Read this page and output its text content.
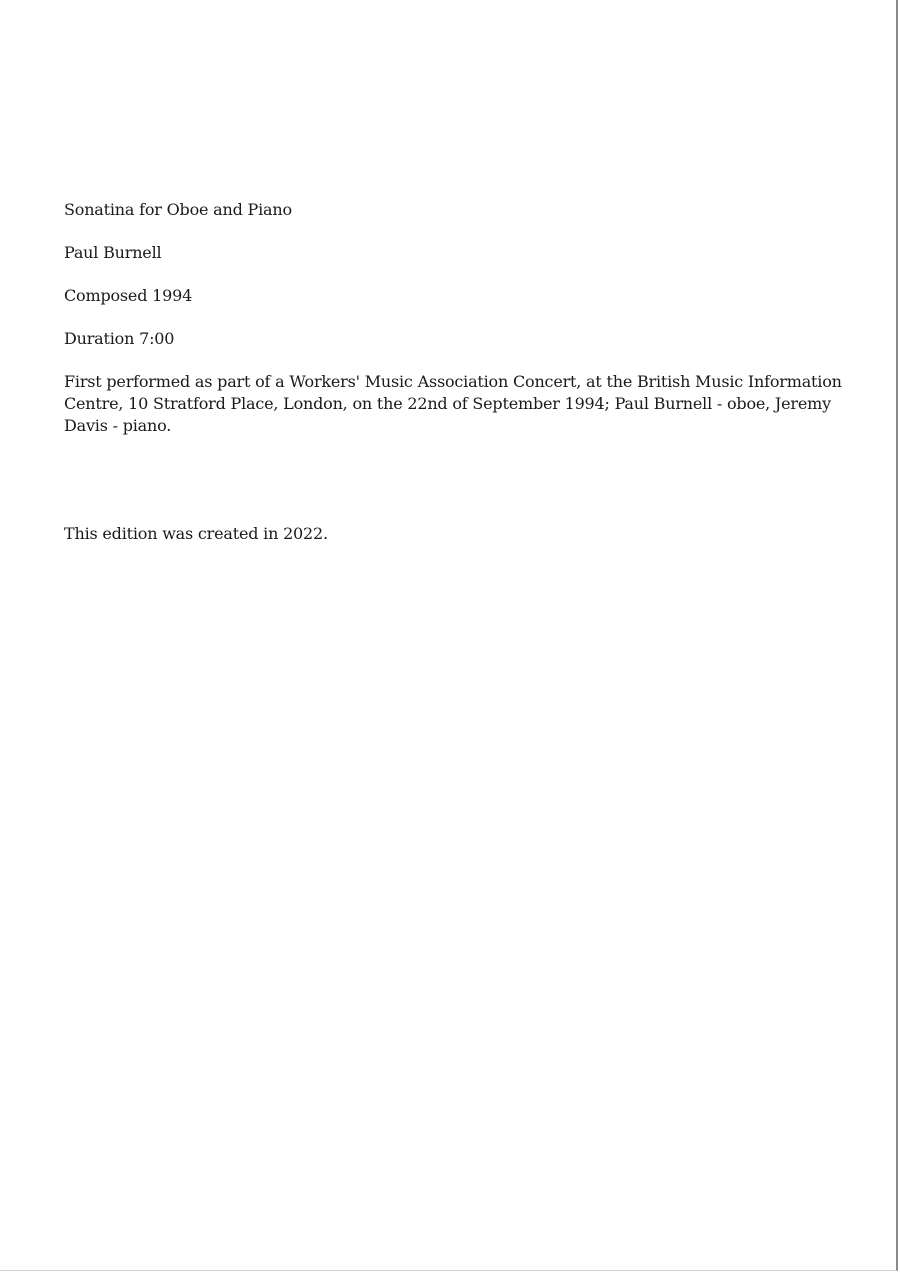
Sonatina for Oboe and Piano

Paul Burnell

Composed 1994

Duration 7:00

First performed as part of a Workers' Music Association Concert, at the British Music Information Centre, 10 Stratford Place, London, on the 22nd of September 1994; Paul Burnell - oboe, Jeremy Davis - piano.

This edition was created in 2022.
